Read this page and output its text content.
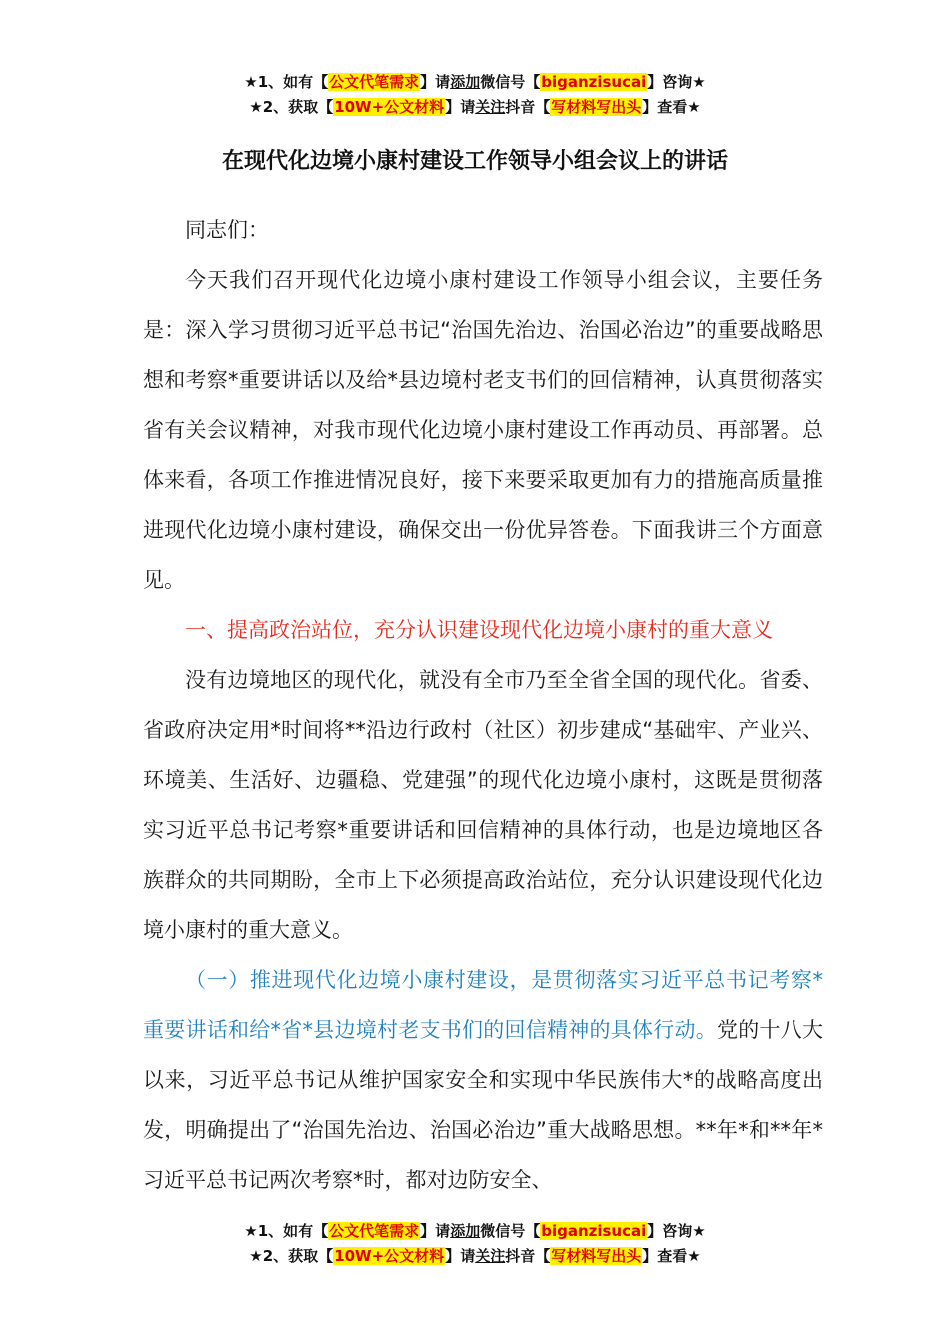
★1、如有【公文代笔需求】请添加微信号【biganzisucai】咨询★
★2、获取【10W+公文材料】请关注抖音【写材料写出头】查看★
在现代化边境小康村建设工作领导小组会议上的讲话

同志们：

今天我们召开现代化边境小康村建设工作领导小组会议，主要任务是：深入学习贯彻习近平总书记“治国先治边、治国必治边”的重要战略思想和考察*重要讲话以及给*县边境村老支书们的回信精神，认真贯彻落实省有关会议精神，对我市现代化边境小康村建设工作再动员、再部署。总体来看，各项工作推进情况良好，接下来要采取更加有力的措施高质量推进现代化边境小康村建设，确保交出一份优异答卷。下面我讲三个方面意见。

一、提高政治站位，充分认识建设现代化边境小康村的重大意义

没有边境地区的现代化，就没有全市乃至全省全国的现代化。省委、省政府决定用*时间将**沿边行政村（社区）初步建成“基础牢、产业兴、环境美、生活好、边疆稳、党建强”的现代化边境小康村，这既是贯彻落实习近平总书记考察*重要讲话和回信精神的具体行动，也是边境地区各族群众的共同期盼，全市上下必须提高政治站位，充分认识建设现代化边境小康村的重大意义。

（一）推进现代化边境小康村建设，是贯彻落实习近平总书记考察*重要讲话和给*省*县边境村老支书们的回信精神的具体行动。党的十八大以来，习近平总书记从维护国家安全和实现中华民族伟大*的战略高度出发，明确提出了“治国先治边、治国必治边”重大战略思想。**年*和**年*习近平总书记两次考察*时，都对边防安全、

★1、如有【公文代笔需求】请添加微信号【biganzisucai】咨询★
★2、获取【10W+公文材料】请关注抖音【写材料写出头】查看★
